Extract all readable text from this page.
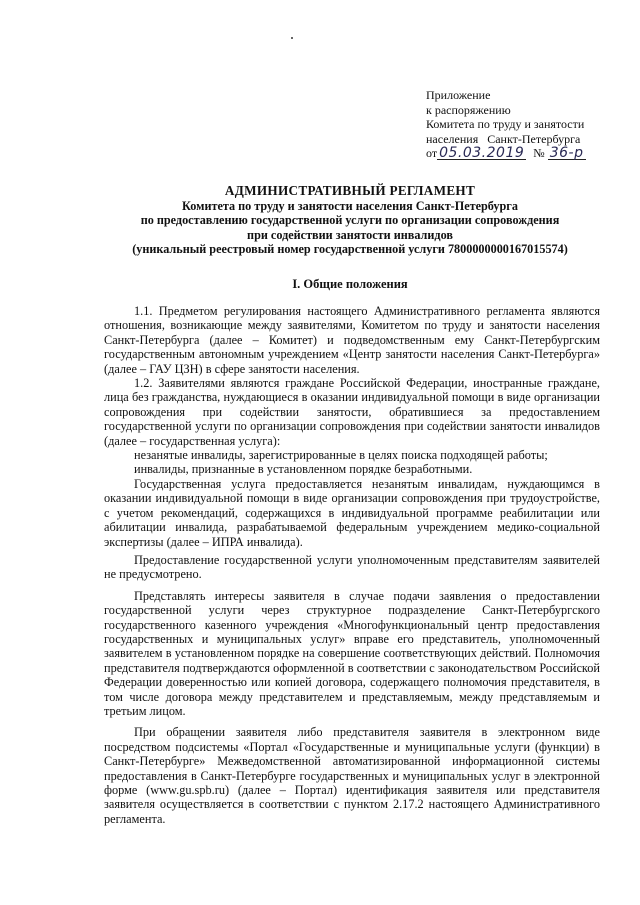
Приложение
к распоряжению
Комитета по труду и занятости
населения   Санкт-Петербурга
от 05.03.2019 № 36-р
АДМИНИСТРАТИВНЫЙ РЕГЛАМЕНТ
Комитета по труду и занятости населения Санкт-Петербурга
по предоставлению государственной услуги по организации сопровождения
при содействии занятости инвалидов
(уникальный реестровый номер государственной услуги 7800000000167015574)
I. Общие положения

1.1. Предметом регулирования настоящего Административного регламента являются отношения, возникающие между заявителями, Комитетом по труду и занятости населения Санкт-Петербурга (далее – Комитет) и подведомственным ему Санкт-Петербургским государственным автономным учреждением «Центр занятости населения Санкт-Петербурга» (далее – ГАУ ЦЗН) в сфере занятости населения.

1.2. Заявителями являются граждане Российской Федерации, иностранные граждане, лица без гражданства, нуждающиеся в оказании индивидуальной помощи в виде организации сопровождения при содействии занятости, обратившиеся за предоставлением государственной услуги по организации сопровождения при содействии занятости инвалидов (далее – государственная услуга):

незанятые инвалиды, зарегистрированные в целях поиска подходящей работы;

инвалиды, признанные в установленном порядке безработными.

Государственная услуга предоставляется незанятым инвалидам, нуждающимся в оказании индивидуальной помощи в виде организации сопровождения при трудоустройстве, с учетом рекомендаций, содержащихся в индивидуальной программе реабилитации или абилитации инвалида, разрабатываемой федеральным учреждением медико-социальной экспертизы (далее – ИПРА инвалида).

Предоставление государственной услуги уполномоченным представителям заявителей не предусмотрено.

Представлять интересы заявителя в случае подачи заявления о предоставлении государственной услуги через структурное подразделение Санкт-Петербургского государственного казенного учреждения «Многофункциональный центр предоставления государственных и муниципальных услуг» вправе его представитель, уполномоченный заявителем в установленном порядке на совершение соответствующих действий. Полномочия представителя подтверждаются оформленной в соответствии с законодательством Российской Федерации доверенностью или копией договора, содержащего полномочия представителя, в том числе договора между представителем и представляемым, между представляемым и третьим лицом.

При обращении заявителя либо представителя заявителя в электронном виде посредством подсистемы «Портал «Государственные и муниципальные услуги (функции) в Санкт-Петербурге» Межведомственной автоматизированной информационной системы предоставления в Санкт-Петербурге государственных и муниципальных услуг в электронной форме (www.gu.spb.ru) (далее – Портал) идентификация заявителя или представителя заявителя осуществляется в соответствии с пунктом 2.17.2 настоящего Административного регламента.
